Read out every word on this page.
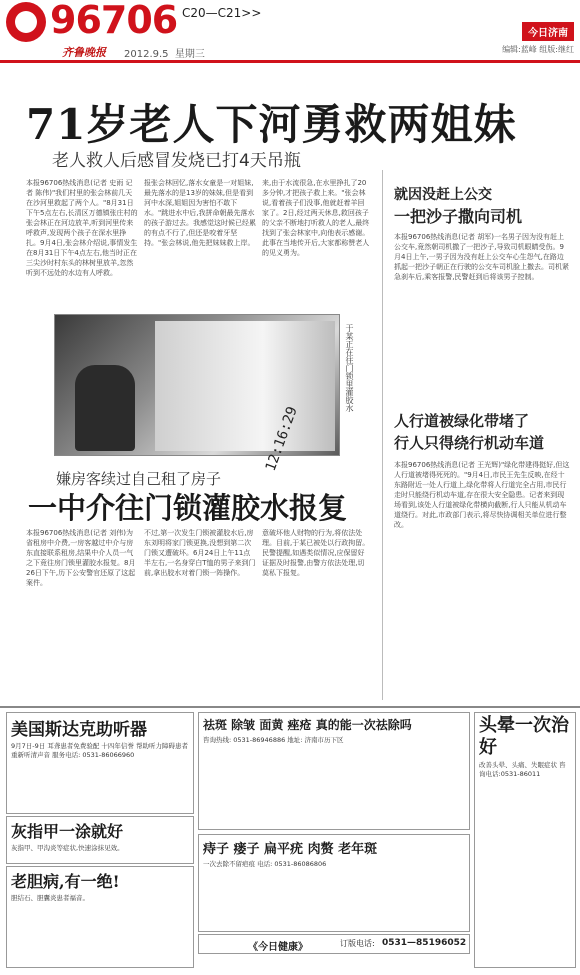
96706 C20—C21>>
齐鲁晚报 2012.9.5 星期三
今日济南
编辑:蓝峰 组版:继红
71岁老人下河勇救两姐妹
老人救人后感冒发烧已打4天吊瓶
本报96706热线消息(记者 史雨 记者 陈伟)"我们村里的张会林前几天在沙河里救起了两个人。"8月31日下午5点左右,长清区万德镇张庄村的张会林正在河边放羊,听到河里传来呼救声,发现两个孩子在深水里挣扎。9月4日,张会林介绍说,事情发生在8月31日下午4点左右,他当时正在三尖沙时村东头的林树里放羊,忽然听到不远处的水边有人呼救。
报张会林回忆,落水女童是一对姐妹,最先落水的是13岁的妹妹,但是看到河中水深,姐姐因为害怕不敢下水。"跳进水中后,我拼命朝最先落水的孩子游过去。我感觉这时候已经累的有点不行了,但还是咬着牙坚持。"张会林说,他先把妹妹救上岸。
来,由于水流很急,在水里挣扎了20多分钟,才把孩子救上来。"张会林说,看着孩子们没事,他就赶着羊回家了。2日,经过两天休息,救回孩子的父亲不断地打听救人的老人,最终找到了张会林家中,向他表示感谢。此事在当地传开后,大家都称赞老人的见义勇为。
12:16:29
于某正在往门锁里灌胶水
嫌房客续过自己租了房子
一中介往门锁灌胶水报复
本报96706热线消息(记者 刘伟)为省租房中介费,一房客越过中介与房东直接联系租房,结果中介人员一气之下竟往房门锁里灌胶水报复。8月26日下午,历下公安警官还原了这起案件。
不过,第一次发生门锁被灌胶水后,房东刘明将家门锁更换,没想到第二次门锁又遭破坏。6月24日上午11点半左右,一名身穿白T恤的男子来到门前,拿出胶水对着门锁一阵操作。
意破坏他人财物的行为,将依法处理。目前,于某已被处以行政拘留。民警提醒,如遇类似情况,应保留好证据及时报警,由警方依法处理,切莫私下报复。
就因没赶上公交
一把沙子撒向司机
本报96706热线消息(记者 胡军)一名男子因为没有赶上公交车,竟然朝司机撒了一把沙子,导致司机眼睛受伤。9月4日上午,一男子因为没有赶上公交车心生怨气,在路边抓起一把沙子朝正在行驶的公交车司机脸上撒去。司机紧急刹车后,乘客报警,民警赶到后将该男子控制。
人行道被绿化带堵了
行人只得绕行机动车道
本报96706热线消息(记者 王光辉)"绿化带建得挺好,但这人行道被堵得死死的。"9月4日,市民王先生反映,在经十东路附近一处人行道上,绿化带将人行道完全占用,市民行走时只能绕行机动车道,存在很大安全隐患。记者来到现场看到,该处人行道被绿化带横向截断,行人只能从机动车道绕行。对此,市政部门表示,将尽快协调相关单位进行整改。
美国斯达克助听器
9月7日-9日 耳聋患者免费验配 十四年信誉 帮助听力障碍患者重新听清声音 服务电话: 0531-86066960
灰指甲一涂就好
灰指甲、甲沟炎等症状,快速涂抹见效。
老胆病,有一绝!
胆结石、胆囊炎患者福音。
祛斑 除皱 面黄 痤疮 真的能一次祛除吗
咨询热线: 0531-86946886 地址: 济南市历下区
痔子 瘘子 扁平疣 肉赘 老年斑
一次去除不留疤痕 电话: 0531-86086806
《今日健康》	订版电话: 0531—85196052
头晕一次治好
改善头晕、头痛、失眠症状 咨询电话:0531-86011
